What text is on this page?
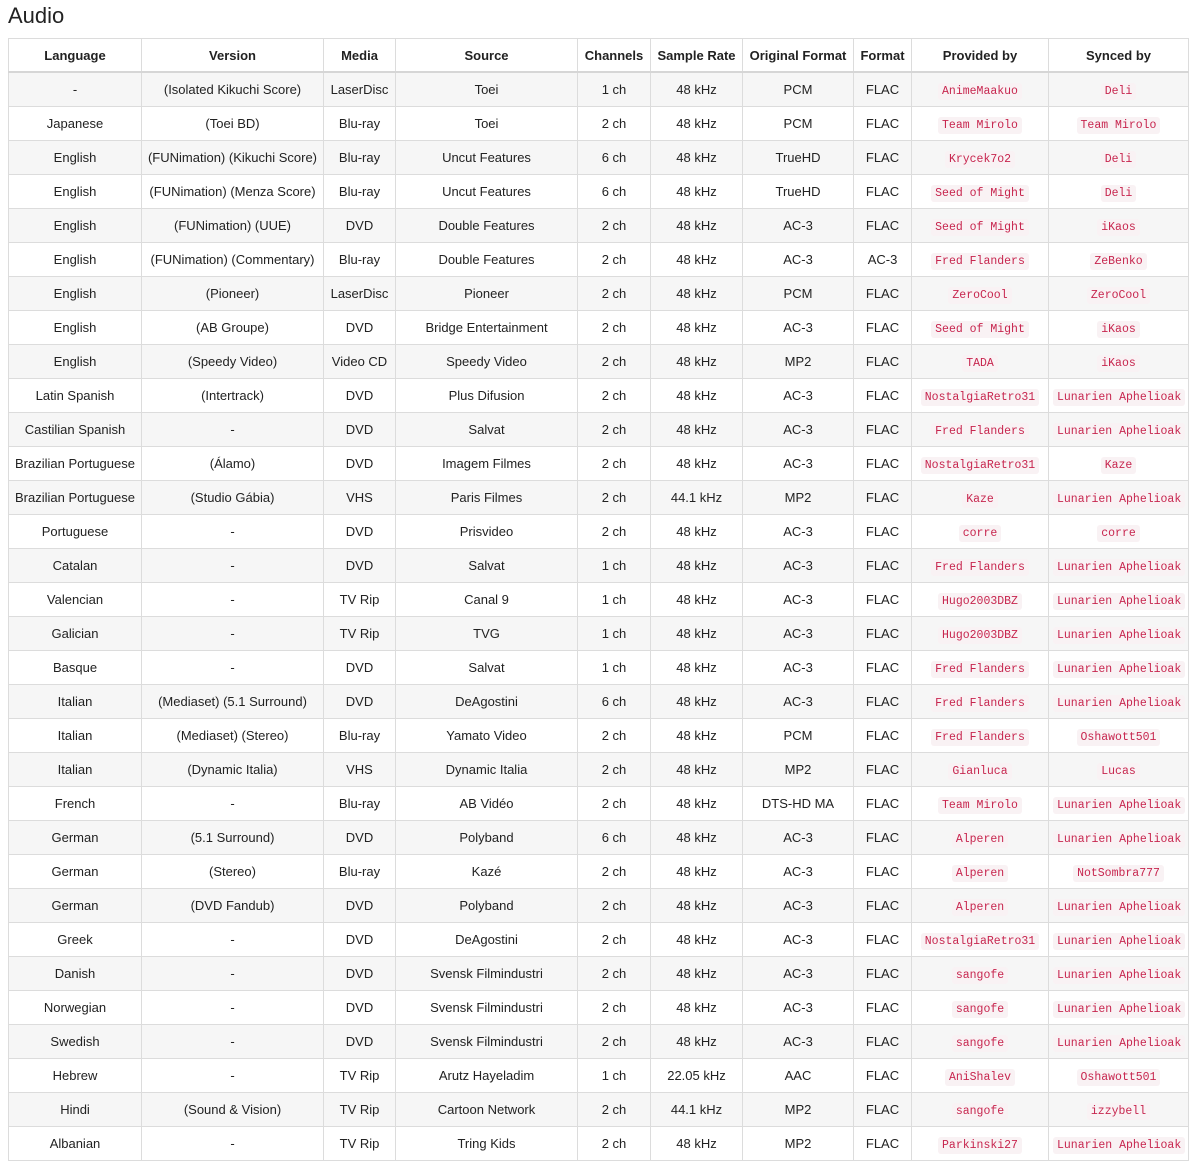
Audio
Language	Version	Media	Source	Channels	Sample Rate	Original Format	Format	Provided by	Synced by
-	(Isolated Kikuchi Score)	LaserDisc	Toei	1 ch	48 kHz	PCM	FLAC	AnimeMaakuo	Deli
Japanese	(Toei BD)	Blu-ray	Toei	2 ch	48 kHz	PCM	FLAC	Team Mirolo	Team Mirolo
English	(FUNimation) (Kikuchi Score)	Blu-ray	Uncut Features	6 ch	48 kHz	TrueHD	FLAC	Krycek7o2	Deli
English	(FUNimation) (Menza Score)	Blu-ray	Uncut Features	6 ch	48 kHz	TrueHD	FLAC	Seed of Might	Deli
English	(FUNimation) (UUE)	DVD	Double Features	2 ch	48 kHz	AC-3	FLAC	Seed of Might	iKaos
English	(FUNimation) (Commentary)	Blu-ray	Double Features	2 ch	48 kHz	AC-3	AC-3	Fred Flanders	ZeBenko
English	(Pioneer)	LaserDisc	Pioneer	2 ch	48 kHz	PCM	FLAC	ZeroCool	ZeroCool
English	(AB Groupe)	DVD	Bridge Entertainment	2 ch	48 kHz	AC-3	FLAC	Seed of Might	iKaos
English	(Speedy Video)	Video CD	Speedy Video	2 ch	48 kHz	MP2	FLAC	TADA	iKaos
Latin Spanish	(Intertrack)	DVD	Plus Difusion	2 ch	48 kHz	AC-3	FLAC	NostalgiaRetro31	Lunarien Aphelioak
Castilian Spanish	-	DVD	Salvat	2 ch	48 kHz	AC-3	FLAC	Fred Flanders	Lunarien Aphelioak
Brazilian Portuguese	(Álamo)	DVD	Imagem Filmes	2 ch	48 kHz	AC-3	FLAC	NostalgiaRetro31	Kaze
Brazilian Portuguese	(Studio Gábia)	VHS	Paris Filmes	2 ch	44.1 kHz	MP2	FLAC	Kaze	Lunarien Aphelioak
Portuguese	-	DVD	Prisvideo	2 ch	48 kHz	AC-3	FLAC	corre	corre
Catalan	-	DVD	Salvat	1 ch	48 kHz	AC-3	FLAC	Fred Flanders	Lunarien Aphelioak
Valencian	-	TV Rip	Canal 9	1 ch	48 kHz	AC-3	FLAC	Hugo2003DBZ	Lunarien Aphelioak
Galician	-	TV Rip	TVG	1 ch	48 kHz	AC-3	FLAC	Hugo2003DBZ	Lunarien Aphelioak
Basque	-	DVD	Salvat	1 ch	48 kHz	AC-3	FLAC	Fred Flanders	Lunarien Aphelioak
Italian	(Mediaset) (5.1 Surround)	DVD	DeAgostini	6 ch	48 kHz	AC-3	FLAC	Fred Flanders	Lunarien Aphelioak
Italian	(Mediaset) (Stereo)	Blu-ray	Yamato Video	2 ch	48 kHz	PCM	FLAC	Fred Flanders	Oshawott501
Italian	(Dynamic Italia)	VHS	Dynamic Italia	2 ch	48 kHz	MP2	FLAC	Gianluca	Lucas
French	-	Blu-ray	AB Vidéo	2 ch	48 kHz	DTS-HD MA	FLAC	Team Mirolo	Lunarien Aphelioak
German	(5.1 Surround)	DVD	Polyband	6 ch	48 kHz	AC-3	FLAC	Alperen	Lunarien Aphelioak
German	(Stereo)	Blu-ray	Kazé	2 ch	48 kHz	AC-3	FLAC	Alperen	NotSombra777
German	(DVD Fandub)	DVD	Polyband	2 ch	48 kHz	AC-3	FLAC	Alperen	Lunarien Aphelioak
Greek	-	DVD	DeAgostini	2 ch	48 kHz	AC-3	FLAC	NostalgiaRetro31	Lunarien Aphelioak
Danish	-	DVD	Svensk Filmindustri	2 ch	48 kHz	AC-3	FLAC	sangofe	Lunarien Aphelioak
Norwegian	-	DVD	Svensk Filmindustri	2 ch	48 kHz	AC-3	FLAC	sangofe	Lunarien Aphelioak
Swedish	-	DVD	Svensk Filmindustri	2 ch	48 kHz	AC-3	FLAC	sangofe	Lunarien Aphelioak
Hebrew	-	TV Rip	Arutz Hayeladim	1 ch	22.05 kHz	AAC	FLAC	AniShalev	Oshawott501
Hindi	(Sound & Vision)	TV Rip	Cartoon Network	2 ch	44.1 kHz	MP2	FLAC	sangofe	izzybell
Albanian	-	TV Rip	Tring Kids	2 ch	48 kHz	MP2	FLAC	Parkinski27	Lunarien Aphelioak
